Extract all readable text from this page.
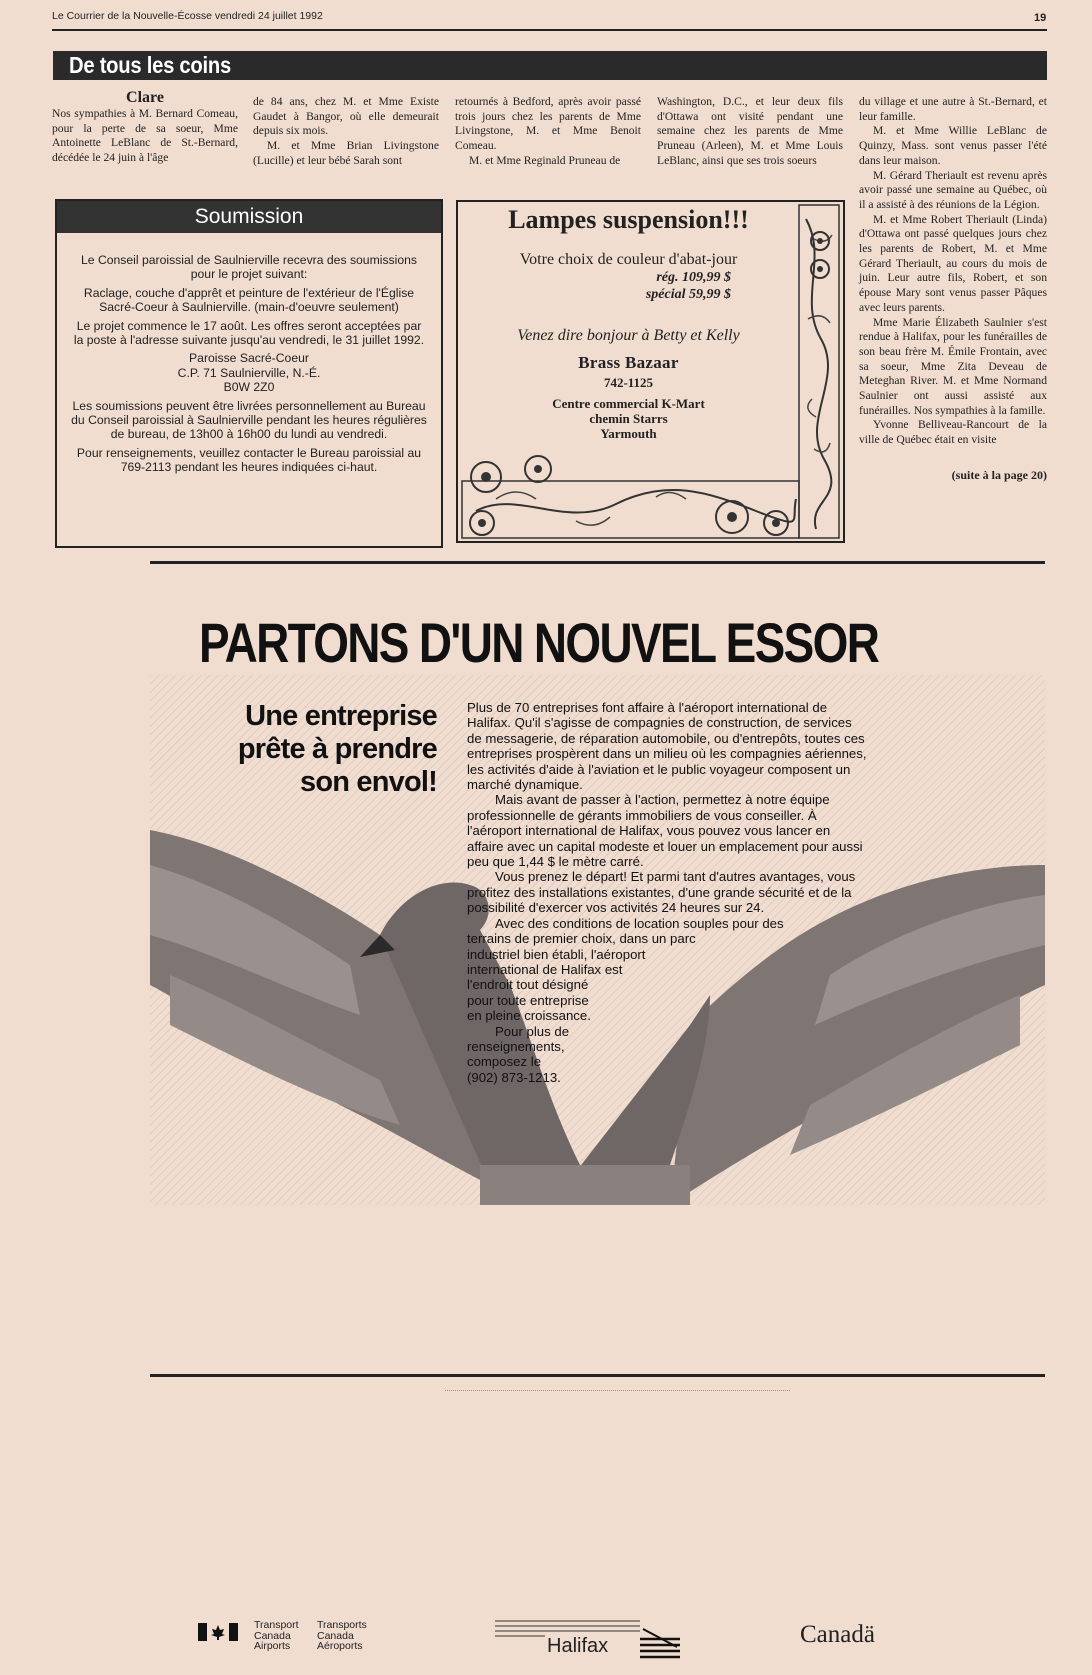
Le Courrier de la Nouvelle-Écosse vendredi 24 juillet 1992	19
De tous les coins
Clare

Nos sympathies à M. Bernard Comeau, pour la perte de sa soeur, Mme Antoinette LeBlanc de St.-Bernard, décédée le 24 juin à l'âge

de 84 ans, chez M. et Mme Existe Gaudet à Bangor, où elle demeurait depuis six mois.

M. et Mme Brian Livingstone (Lucille) et leur bébé Sarah sont

retournés à Bedford, après avoir passé trois jours chez les parents de Mme Livingstone, M. et Mme Benoit Comeau.

M. et Mme Reginald Pruneau de

Washington, D.C., et leur deux fils d'Ottawa ont visité pendant une semaine chez les parents de Mme Pruneau (Arleen), M. et Mme Louis LeBlanc, ainsi que ses trois soeurs

du village et une autre à St.-Bernard, et leur famille.

M. et Mme Willie LeBlanc de Quinzy, Mass. sont venus passer l'été dans leur maison.

M. Gérard Theriault est revenu après avoir passé une semaine au Québec, où il a assisté à des réunions de la Légion.

M. et Mme Robert Theriault (Linda) d'Ottawa ont passé quelques jours chez les parents de Robert, M. et Mme Gérard Theriault, au cours du mois de juin. Leur autre fils, Robert, et son épouse Mary sont venus passer Pâques avec leurs parents.

Mme Marie Élizabeth Saulnier s'est rendue à Halifax, pour les funérailles de son beau frère M. Émile Frontain, avec sa soeur, Mme Zita Deveau de Meteghan River. M. et Mme Normand Saulnier ont aussi assisté aux funérailles. Nos sympathies à la famille.

Yvonne Belliveau-Rancourt de la ville de Québec était en visite

(suite à la page 20)

Soumission

Le Conseil paroissial de Saulnierville recevra des soumissions pour le projet suivant:

Raclage, couche d'apprêt et peinture de l'extérieur de l'Église Sacré-Coeur à Saulnierville. (main-d'oeuvre seulement)

Le projet commence le 17 août. Les offres seront acceptées par la poste à l'adresse suivante jusqu'au vendredi, le 31 juillet 1992.

Paroisse Sacré-Coeur

C.P. 71 Saulnierville, N.-É.

B0W 2Z0

Les soumissions peuvent être livrées personnellement au Bureau du Conseil paroissial à Saulnierville pendant les heures régulières de bureau, de 13h00 à 16h00 du lundi au vendredi.

Pour renseignements, veuillez contacter le Bureau paroissial au 769-2113 pendant les heures indiquées ci-haut.

Lampes suspension!!!
Votre choix de couleur d'abat-jour
rég. 109,99 $
spécial 59,99 $
Venez dire bonjour à Betty et Kelly
Brass Bazaar
742-1125
Centre commercial K-Mart
chemin Starrs
Yarmouth
PARTONS D'UN NOUVEL ESSOR
Une entreprise
prête à prendre
son envol!

Plus de 70 entreprises font affaire à l'aéroport international de Halifax. Qu'il s'agisse de compagnies de construction, de services de messagerie, de réparation automobile, ou d'entrepôts, toutes ces entreprises prospèrent dans un milieu où les compagnies aériennes, les activités d'aide à l'aviation et le public voyageur composent un marché dynamique.

Mais avant de passer à l'action, permettez à notre équipe professionnelle de gérants immobiliers de vous conseiller. À l'aéroport international de Halifax, vous pouvez vous lancer en affaire avec un capital modeste et louer un emplacement pour aussi peu que 1,44 $ le mètre carré.

Vous prenez le départ! Et parmi tant d'autres avantages, vous profitez des installations existantes, d'une grande sécurité et de la possibilité d'exercer vos activités 24 heures sur 24.

Avec des conditions de location souples pour des
terrains de premier choix, dans un parc
industriel bien établi, l'aéroport
international de Halifax est
l'endroit tout désigné
pour toute entreprise
en pleine croissance.
Pour plus de
renseignements,
composez le
(902) 873-1213.
Transport
Canada
Airports
Transports
Canada
Aéroports	Halifax	Canadä
